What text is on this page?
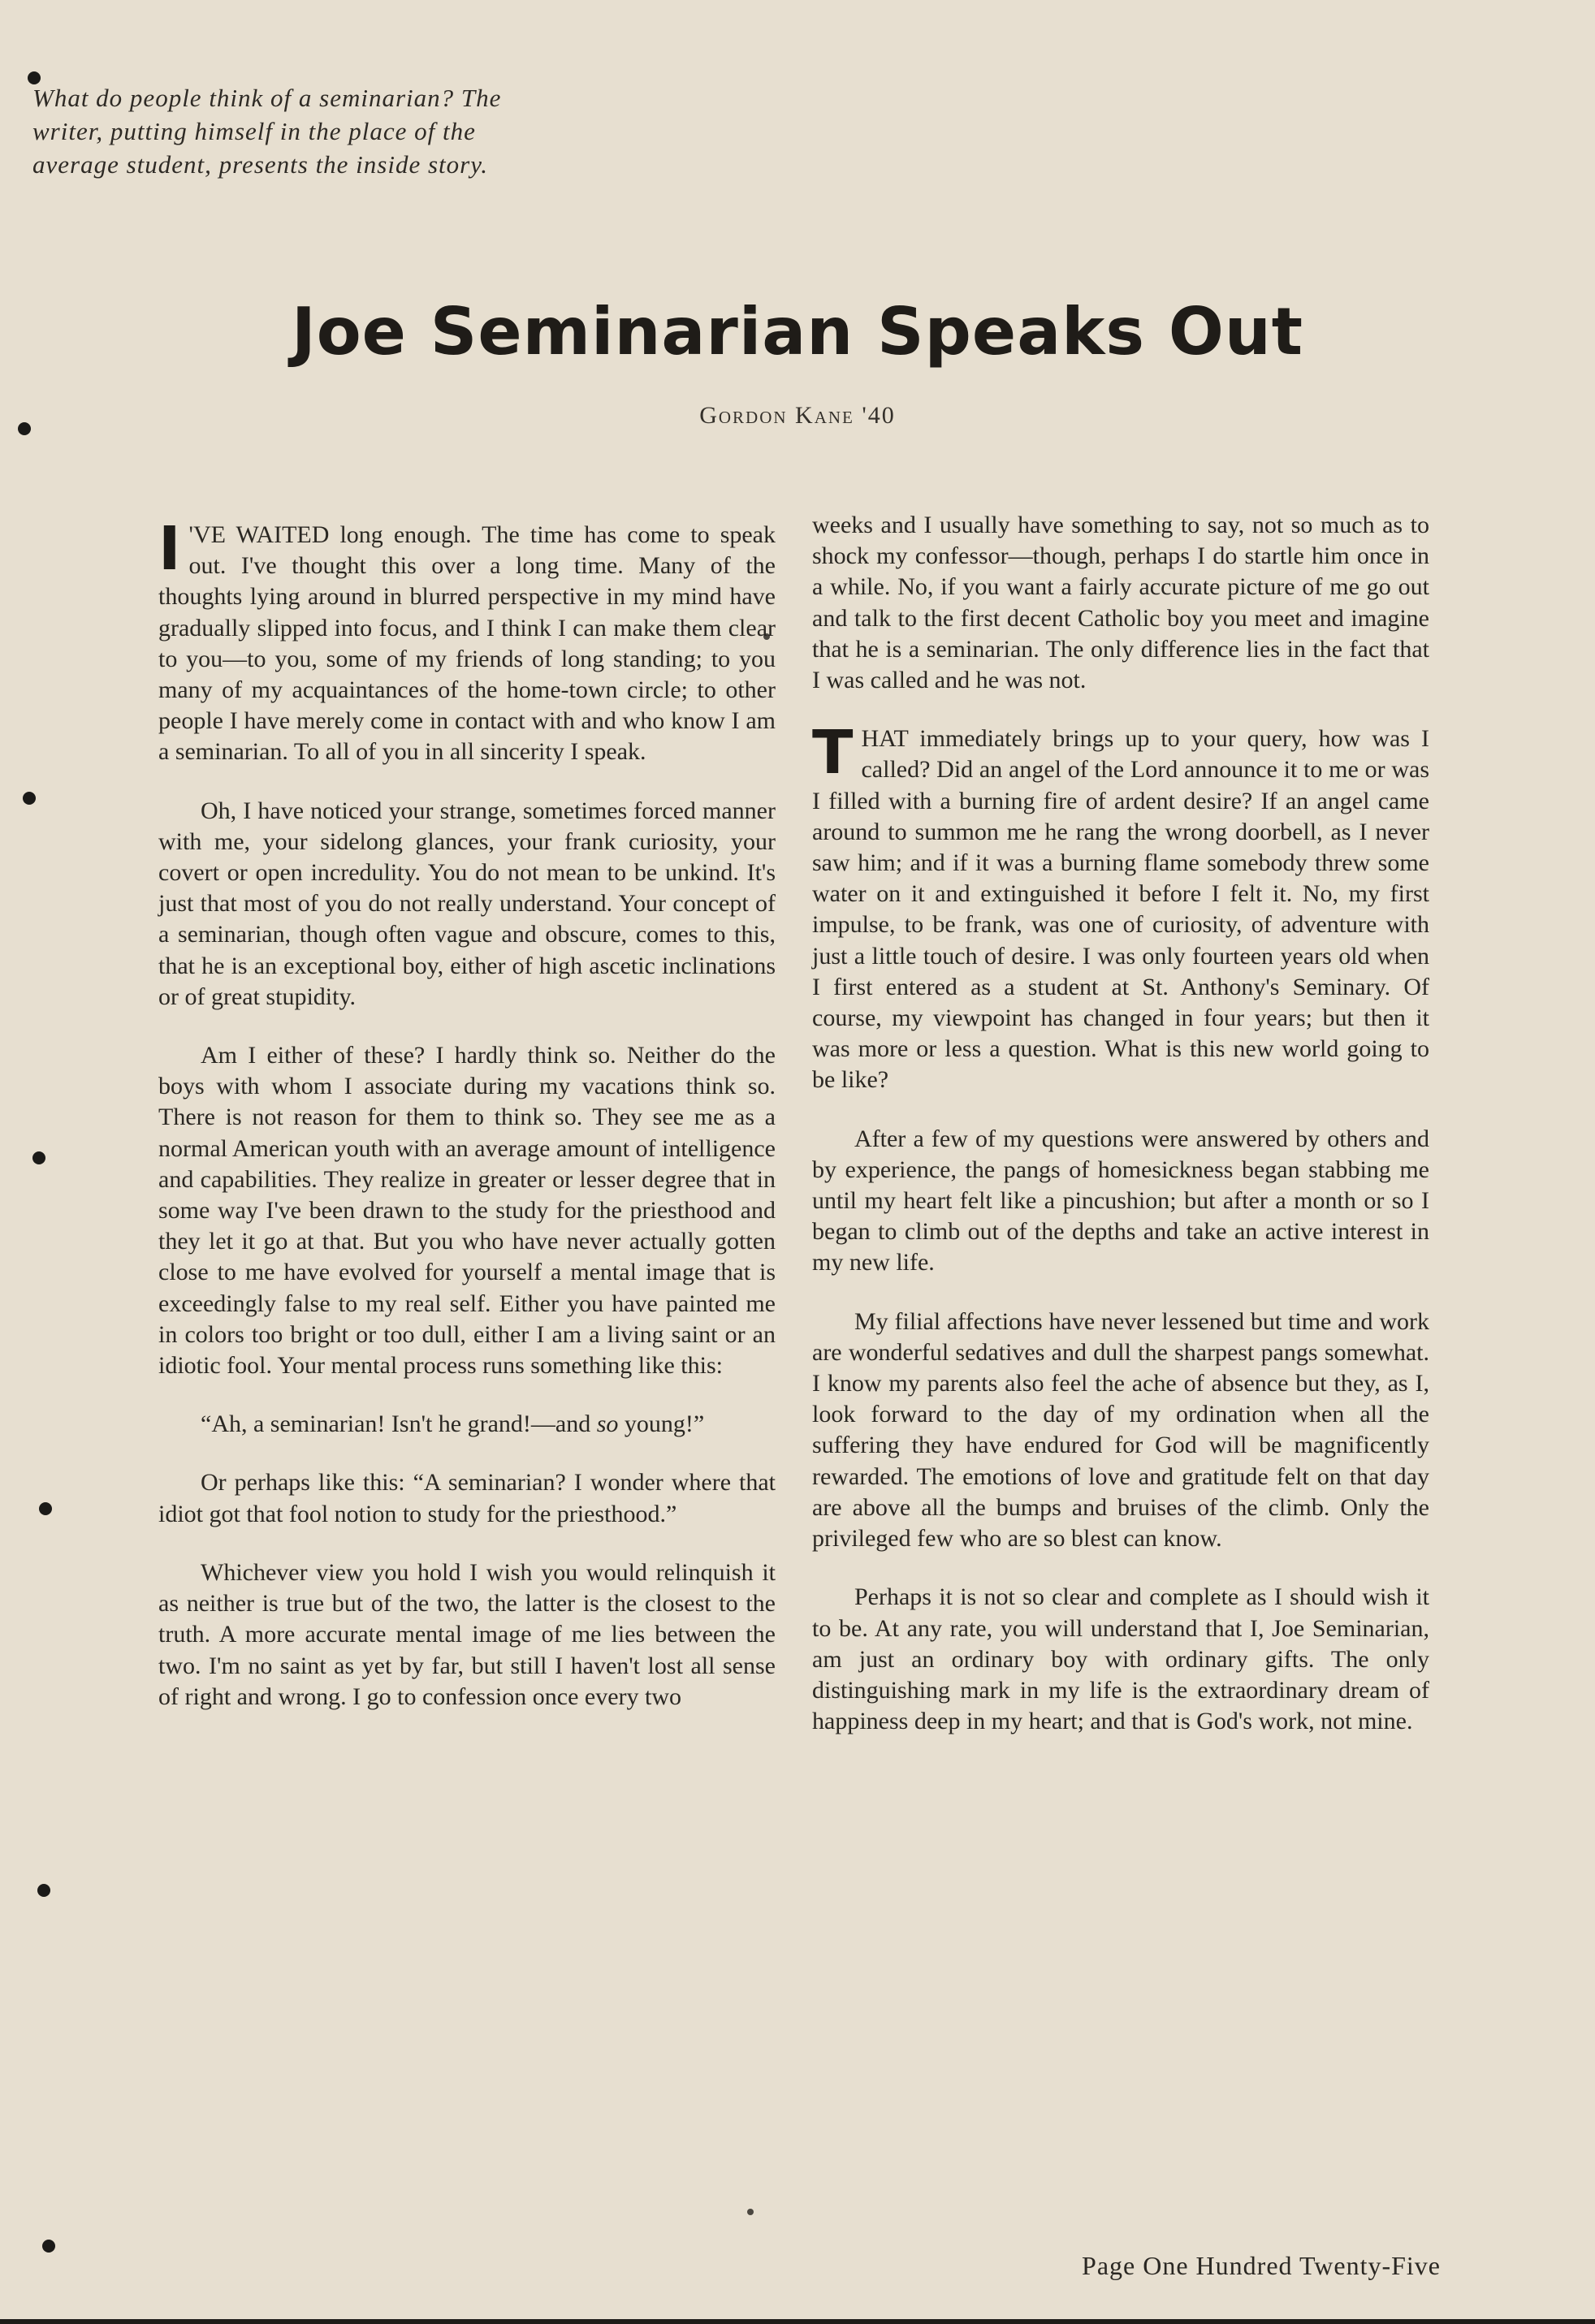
What do people think of a seminarian? The
writer, putting himself in the place of the
average student, presents the inside story.
Joe Seminarian Speaks Out
Gordon Kane '40

I 'VE WAITED long enough. The time has come to speak out. I've thought this over a long time. Many of the thoughts lying around in blurred perspective in my mind have gradually slipped into focus, and I think I can make them clear to you—to you, some of my friends of long standing; to you many of my acquaintances of the home-town circle; to other people I have merely come in contact with and who know I am a seminarian. To all of you in all sincerity I speak.

Oh, I have noticed your strange, sometimes forced manner with me, your sidelong glances, your frank curiosity, your covert or open incredulity. You do not mean to be unkind. It's just that most of you do not really understand. Your concept of a seminarian, though often vague and obscure, comes to this, that he is an exceptional boy, either of high ascetic inclinations or of great stupidity.

Am I either of these? I hardly think so. Neither do the boys with whom I associate during my vacations think so. There is not reason for them to think so. They see me as a normal American youth with an average amount of intelligence and capabilities. They realize in greater or lesser degree that in some way I've been drawn to the study for the priesthood and they let it go at that. But you who have never actually gotten close to me have evolved for yourself a mental image that is exceedingly false to my real self. Either you have painted me in colors too bright or too dull, either I am a living saint or an idiotic fool. Your mental process runs something like this:

“Ah, a seminarian! Isn't he grand!—and so young!”

Or perhaps like this: “A seminarian? I wonder where that idiot got that fool notion to study for the priesthood.”

Whichever view you hold I wish you would relinquish it as neither is true but of the two, the latter is the closest to the truth. A more accurate mental image of me lies between the two. I'm no saint as yet by far, but still I haven't lost all sense of right and wrong. I go to confession once every two

weeks and I usually have something to say, not so much as to shock my confessor—though, perhaps I do startle him once in a while. No, if you want a fairly accurate picture of me go out and talk to the first decent Catholic boy you meet and imagine that he is a seminarian. The only difference lies in the fact that I was called and he was not.

T HAT immediately brings up to your query, how was I called? Did an angel of the Lord announce it to me or was I filled with a burning fire of ardent desire? If an angel came around to summon me he rang the wrong doorbell, as I never saw him; and if it was a burning flame somebody threw some water on it and extinguished it before I felt it. No, my first impulse, to be frank, was one of curiosity, of adventure with just a little touch of desire. I was only fourteen years old when I first entered as a student at St. Anthony's Seminary. Of course, my viewpoint has changed in four years; but then it was more or less a question. What is this new world going to be like?

After a few of my questions were answered by others and by experience, the pangs of homesickness began stabbing me until my heart felt like a pincushion; but after a month or so I began to climb out of the depths and take an active interest in my new life.

My filial affections have never lessened but time and work are wonderful sedatives and dull the sharpest pangs somewhat. I know my parents also feel the ache of absence but they, as I, look forward to the day of my ordination when all the suffering they have endured for God will be magnificently rewarded. The emotions of love and gratitude felt on that day are above all the bumps and bruises of the climb. Only the privileged few who are so blest can know.

Perhaps it is not so clear and complete as I should wish it to be. At any rate, you will understand that I, Joe Seminarian, am just an ordinary boy with ordinary gifts. The only distinguishing mark in my life is the extraordinary dream of happiness deep in my heart; and that is God's work, not mine.

Page One Hundred Twenty-Five
